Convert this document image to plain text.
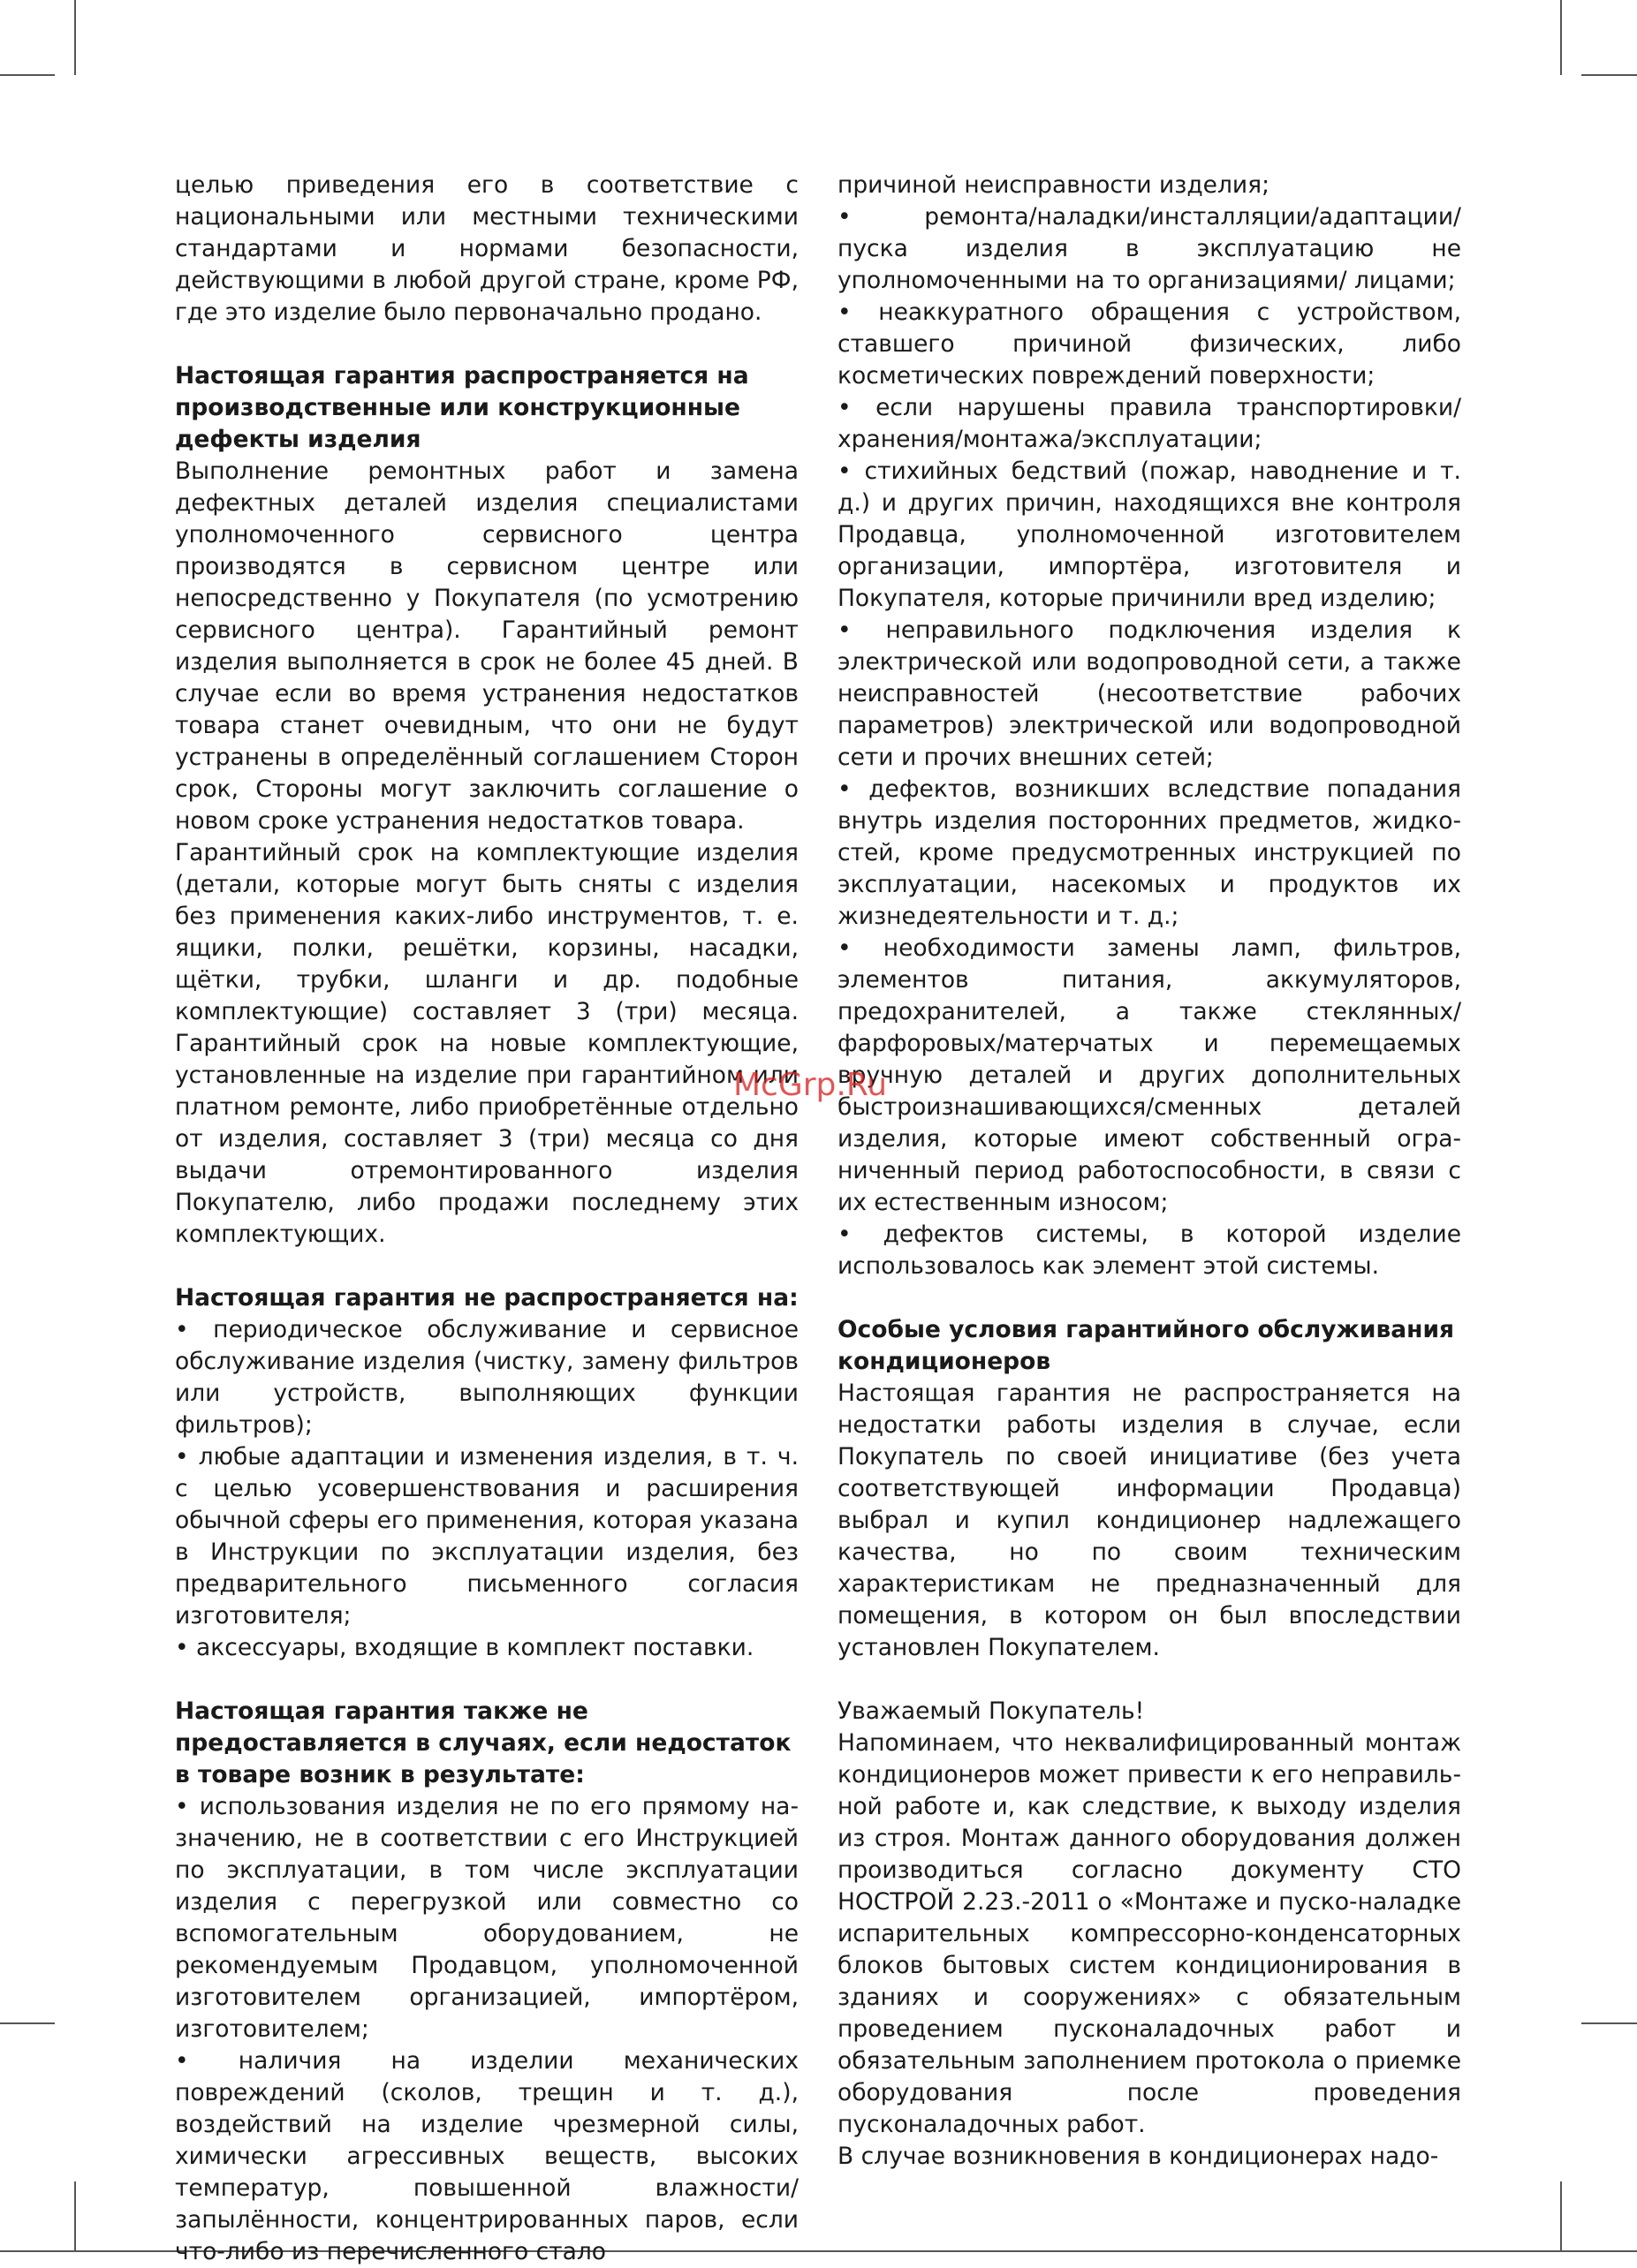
целью приведения его в соответствие с национальными или местными техническими стандартами и нормами безопасности, действующими в любой другой стране, кроме РФ, где это изделие было первоначально продано.

Настоящая гарантия распространяется на производственные или конструкционные дефекты изделия

Выполнение ремонтных работ и замена дефектных деталей изделия специалистами уполномоченного сервисного центра производятся в сервисном центре или непосредственно у Покупателя (по усмотрению сервисного центра). Гарантийный ремонт изделия выполняется в срок не более 45 дней. В случае если во время устранения недостатков товара станет очевидным, что они не будут устранены в определённый соглашением Сторон срок, Стороны могут заключить соглашение о новом сроке устранения недостатков товара.

Гарантийный срок на комплектующие изделия (детали, которые могут быть сняты с изделия без применения каких-либо инструментов, т. е. ящики, полки, решётки, корзины, насадки, щётки, трубки, шланги и др. подобные комплектующие) составляет 3 (три) месяца. Гарантийный срок на новые комплектующие, установленные на изделие при гарантийном или платном ремонте, либо приобретённые отдельно от изделия, составляет 3 (три) месяца со дня выдачи отремонтированного изделия Покупателю, либо продажи последнему этих комплектующих.

Настоящая гарантия не распространяется на:

• периодическое обслуживание и сервисное обслуживание изделия (чистку, замену фильтров или устройств, выполняющих функции фильтров);

• любые адаптации и изменения изделия, в т. ч. с целью усовершенствования и расширения обычной сферы его применения, которая указана в Инструкции по эксплуатации изделия, без предварительного письменного согласия изготовителя;

• аксессуары, входящие в комплект поставки.

Настоящая гарантия также не предоставляется в случаях, если недостаток в товаре возник в результате:

• использования изделия не по его прямому назначению, не в соответствии с его Инструкцией по эксплуатации, в том числе эксплуатации изделия с перегрузкой или совместно со вспомогательным оборудованием, не рекомендуемым Продавцом, уполномоченной изготовителем организацией, импортёром, изготовителем;

• наличия на изделии механических повреждений (сколов, трещин и т. д.), воздействий на изделие чрезмерной силы, химически агрессивных веществ, высоких температур, повышенной влажности/запылённости, концентрированных паров, если что-либо из перечисленного стало

причиной неисправности изделия;

• ремонта/наладки/инсталляции/адаптации/пуска изделия в эксплуатацию не уполномоченными на то организациями/ лицами;

• неаккуратного обращения с устройством, ставшего причиной физических, либо косметических повреждений поверхности;

• если нарушены правила транспортировки/хранения/монтажа/эксплуатации;

• стихийных бедствий (пожар, наводнение и т. д.) и других причин, находящихся вне контроля Продавца, уполномоченной изготовителем организации, импортёра, изготовителя и Покупателя, которые причинили вред изделию;

• неправильного подключения изделия к электрической или водопроводной сети, а также неисправностей (несоответствие рабочих параметров) электрической или водопроводной сети и прочих внешних сетей;

• дефектов, возникших вследствие попадания внутрь изделия посторонних предметов, жидкостей, кроме предусмотренных инструкцией по эксплуатации, насекомых и продуктов их жизнедеятельности и т. д.;

• необходимости замены ламп, фильтров, элементов питания, аккумуляторов, предохранителей, а также стеклянных/фарфоровых/матерчатых и перемещаемых вручную деталей и других дополнительных быстроизнашивающихся/сменных деталей изделия, которые имеют собственный ограниченный период работоспособности, в связи с их естественным износом;

• дефектов системы, в которой изделие использовалось как элемент этой системы.

Особые условия гарантийного обслуживания кондиционеров

Настоящая гарантия не распространяется на недостатки работы изделия в случае, если Покупатель по своей инициативе (без учета соответствующей информации Продавца) выбрал и купил кондиционер надлежащего качества, но по своим техническим характеристикам не предназначенный для помещения, в котором он был впоследствии установлен Покупателем.

Уважаемый Покупатель!

Напоминаем, что неквалифицированный монтаж кондиционеров может привести к его неправильной работе и, как следствие, к выходу изделия из строя. Монтаж данного оборудования должен производиться согласно документу СТО НОСТРОЙ 2.23.-2011 о «Монтаже и пуско-наладке испарительных компрессорно-конденсаторных блоков бытовых систем кондиционирования в зданиях и сооружениях» с обязательным проведением пусконаладочных работ и обязательным заполнением протокола о приемке оборудования после проведения пусконаладочных работ.

В случае возникновения в кондиционерах надо-

McGrp.Ru
